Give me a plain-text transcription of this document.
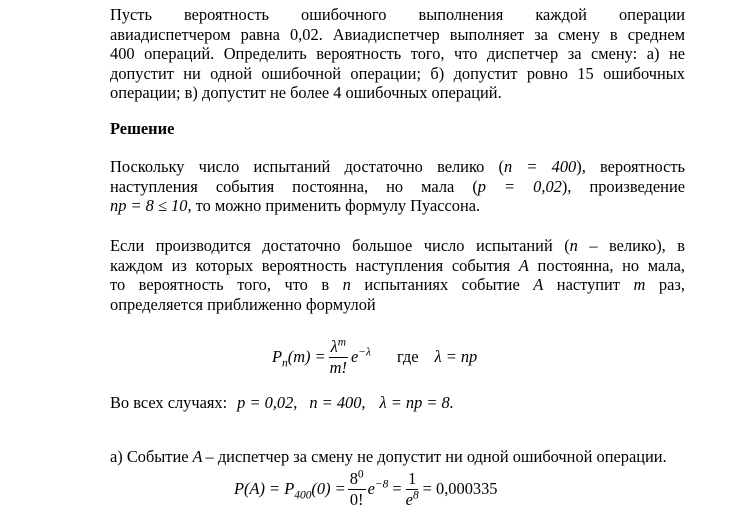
Пусть вероятность ошибочного выполнения каждой операции
авиадиспетчером равна 0,02. Авиадиспетчер выполняет за смену в среднем
400 операций. Определить вероятность того, что диспетчер за смену: а) не
допустит ни одной ошибочной операции; б) допустит ровно 15 ошибочных
операции; в) допустит не более 4 ошибочных операций.
Решение
Поскольку число испытаний достаточно велико (n = 400), вероятность
наступления события постоянна, но мала (p = 0,02), произведение
np = 8 ≤ 10, то можно применить формулу Пуассона.
Если производится достаточно большое число испытаний (n – велико), в
каждом из которых вероятность наступления события A постоянна, но мала,
то вероятность того, что в n испытаниях событие A наступит m раз,
определяется приближенно формулой
$P_n(m) = \frac{\lambda^m}{m!} e^{-\lambda}$ где λ = np
Во всех случаях: p = 0,02, n = 400, λ = np = 8.
а) Событие A – диспетчер за смену не допустит ни одной ошибочной операции.
$P(A) = P_{400}(0) = \frac{8^0}{0!} e^{-8} = \frac{1}{e^8} = 0,000335$
